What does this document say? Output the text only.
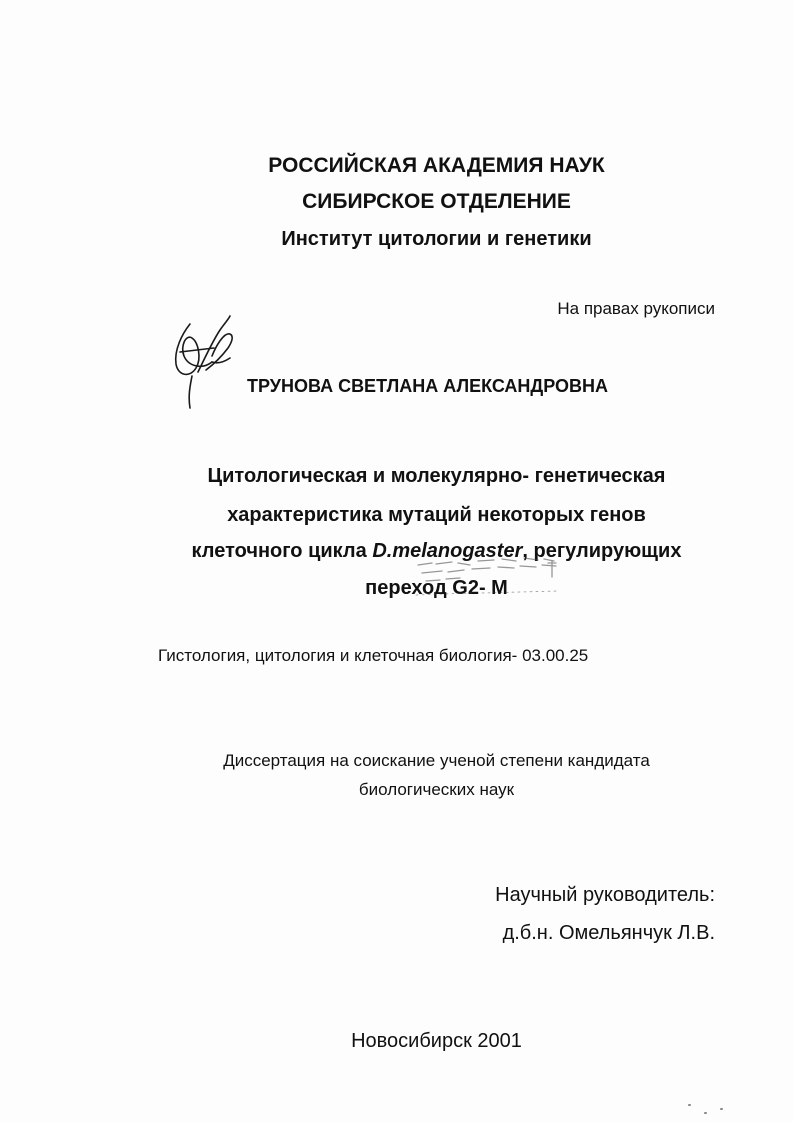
РОССИЙСКАЯ АКАДЕМИЯ НАУК
СИБИРСКОЕ ОТДЕЛЕНИЕ
Институт цитологии и генетики
На правах рукописи
ТРУНОВА СВЕТЛАНА АЛЕКСАНДРОВНА
Цитологическая и молекулярно- генетическая
характеристика мутаций некоторых генов
клеточного цикла D.melanogaster, регулирующих
переход G2- M
Гистология, цитология и клеточная биология- 03.00.25
Диссертация на соискание ученой степени кандидата
биологических наук
Научный руководитель:
д.б.н. Омельянчук Л.В.
Новосибирск 2001
